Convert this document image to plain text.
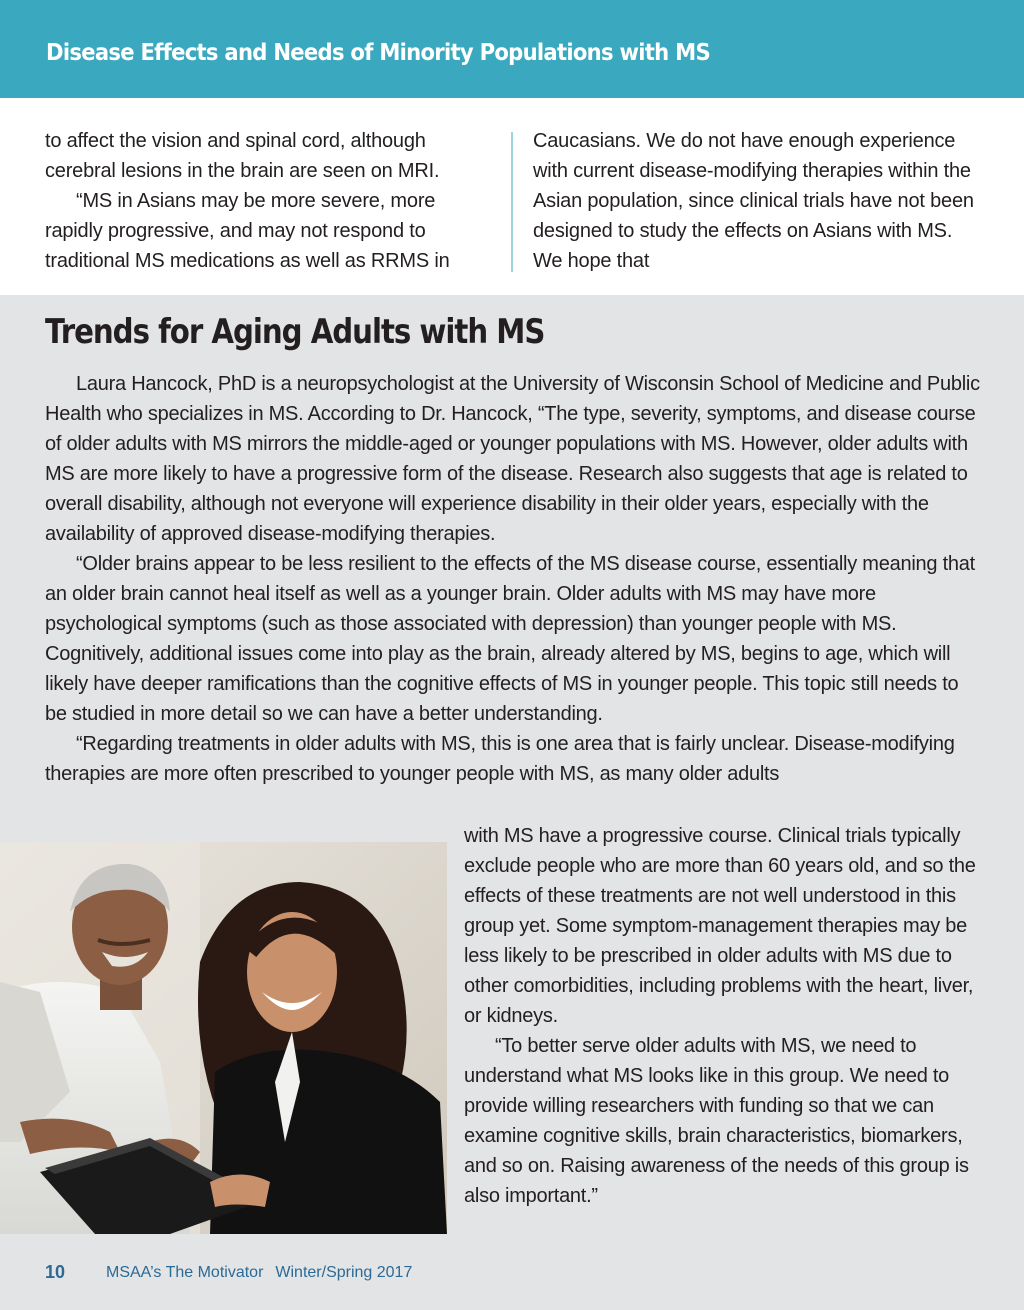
Disease Effects and Needs of Minority Populations with MS

to affect the vision and spinal cord, although cerebral lesions in the brain are seen on MRI.

“MS in Asians may be more severe, more rapidly progressive, and may not respond to traditional MS medications as well as RRMS in

Caucasians. We do not have enough experience with current disease-modifying therapies within the Asian population, since clinical trials have not been designed to study the effects on Asians with MS. We hope that

Trends for Aging Adults with MS

Laura Hancock, PhD is a neuropsychologist at the University of Wisconsin School of Medicine and Public Health who specializes in MS. According to Dr. Hancock, “The type, severity, symptoms, and disease course of older adults with MS mirrors the middle-aged or younger populations with MS. However, older adults with MS are more likely to have a progressive form of the disease. Research also suggests that age is related to overall disability, although not everyone will experience disability in their older years, especially with the availability of approved disease-modifying therapies.

“Older brains appear to be less resilient to the effects of the MS disease course, essentially meaning that an older brain cannot heal itself as well as a younger brain. Older adults with MS may have more psychological symptoms (such as those associated with depression) than younger people with MS. Cognitively, additional issues come into play as the brain, already altered by MS, begins to age, which will likely have deeper ramifications than the cognitive effects of MS in younger people. This topic still needs to be studied in more detail so we can have a better understanding.

“Regarding treatments in older adults with MS, this is one area that is fairly unclear. Disease-modifying therapies are more often prescribed to younger people with MS, as many older adults

with MS have a progressive course. Clinical trials typically exclude people who are more than 60 years old, and so the effects of these treatments are not well understood in this group yet. Some symptom-management therapies may be less likely to be prescribed in older adults with MS due to other comorbidities, including problems with the heart, liver, or kidneys.

“To better serve older adults with MS, we need to understand what MS looks like in this group. We need to provide willing researchers with funding so that we can examine cognitive skills, brain characteristics, biomarkers, and so on. Raising awareness of the needs of this group is also important.”

10	MSAA’s The Motivator Winter/Spring 2017
